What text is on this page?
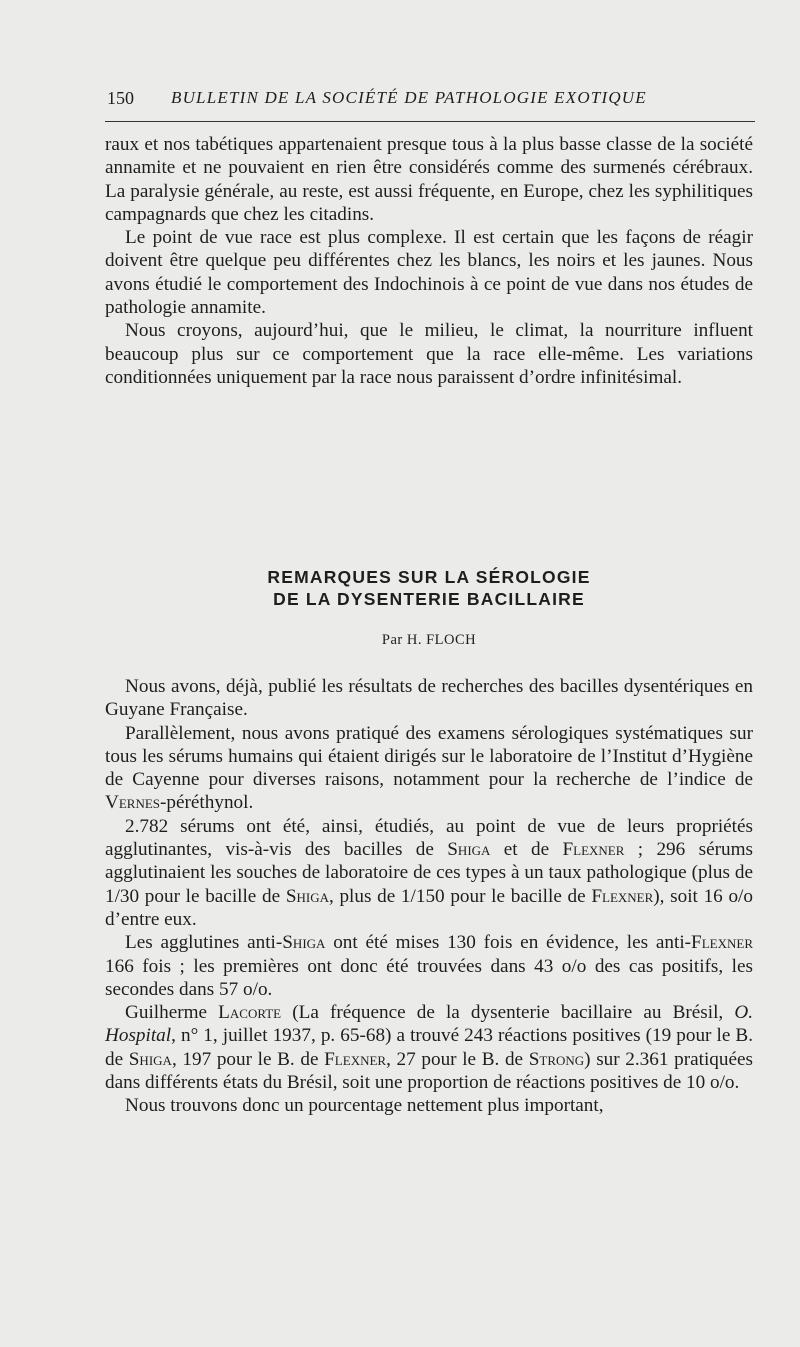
150 BULLETIN DE LA SOCIÉTÉ DE PATHOLOGIE EXOTIQUE

raux et nos tabétiques appartenaient presque tous à la plus basse classe de la société annamite et ne pouvaient en rien être considérés comme des surmenés cérébraux. La paralysie générale, au reste, est aussi fréquente, en Europe, chez les syphilitiques campagnards que chez les citadins.

Le point de vue race est plus complexe. Il est certain que les façons de réagir doivent être quelque peu différentes chez les blancs, les noirs et les jaunes. Nous avons étudié le comportement des Indochinois à ce point de vue dans nos études de pathologie annamite.

Nous croyons, aujourd’hui, que le milieu, le climat, la nourriture influent beaucoup plus sur ce comportement que la race elle-même. Les variations conditionnées uniquement par la race nous paraissent d’ordre infinitésimal.

REMARQUES SUR LA SÉROLOGIE
DE LA DYSENTERIE BACILLAIRE
Par H. FLOCH

Nous avons, déjà, publié les résultats de recherches des bacilles dysentériques en Guyane Française.

Parallèlement, nous avons pratiqué des examens sérologiques systématiques sur tous les sérums humains qui étaient dirigés sur le laboratoire de l’Institut d’Hygiène de Cayenne pour diverses raisons, notamment pour la recherche de l’indice de Vernes-péréthynol.

2.782 sérums ont été, ainsi, étudiés, au point de vue de leurs propriétés agglutinantes, vis-à-vis des bacilles de Shiga et de Flexner ; 296 sérums agglutinaient les souches de laboratoire de ces types à un taux pathologique (plus de 1/30 pour le bacille de Shiga, plus de 1/150 pour le bacille de Flexner), soit 16 o/o d’entre eux.

Les agglutines anti-Shiga ont été mises 130 fois en évidence, les anti-Flexner 166 fois ; les premières ont donc été trouvées dans 43 o/o des cas positifs, les secondes dans 57 o/o.

Guilherme Lacorte (La fréquence de la dysenterie bacillaire au Brésil, O. Hospital, n° 1, juillet 1937, p. 65-68) a trouvé 243 réactions positives (19 pour le B. de Shiga, 197 pour le B. de Flexner, 27 pour le B. de Strong) sur 2.361 pratiquées dans différents états du Brésil, soit une proportion de réactions positives de 10 o/o.

Nous trouvons donc un pourcentage nettement plus important,
